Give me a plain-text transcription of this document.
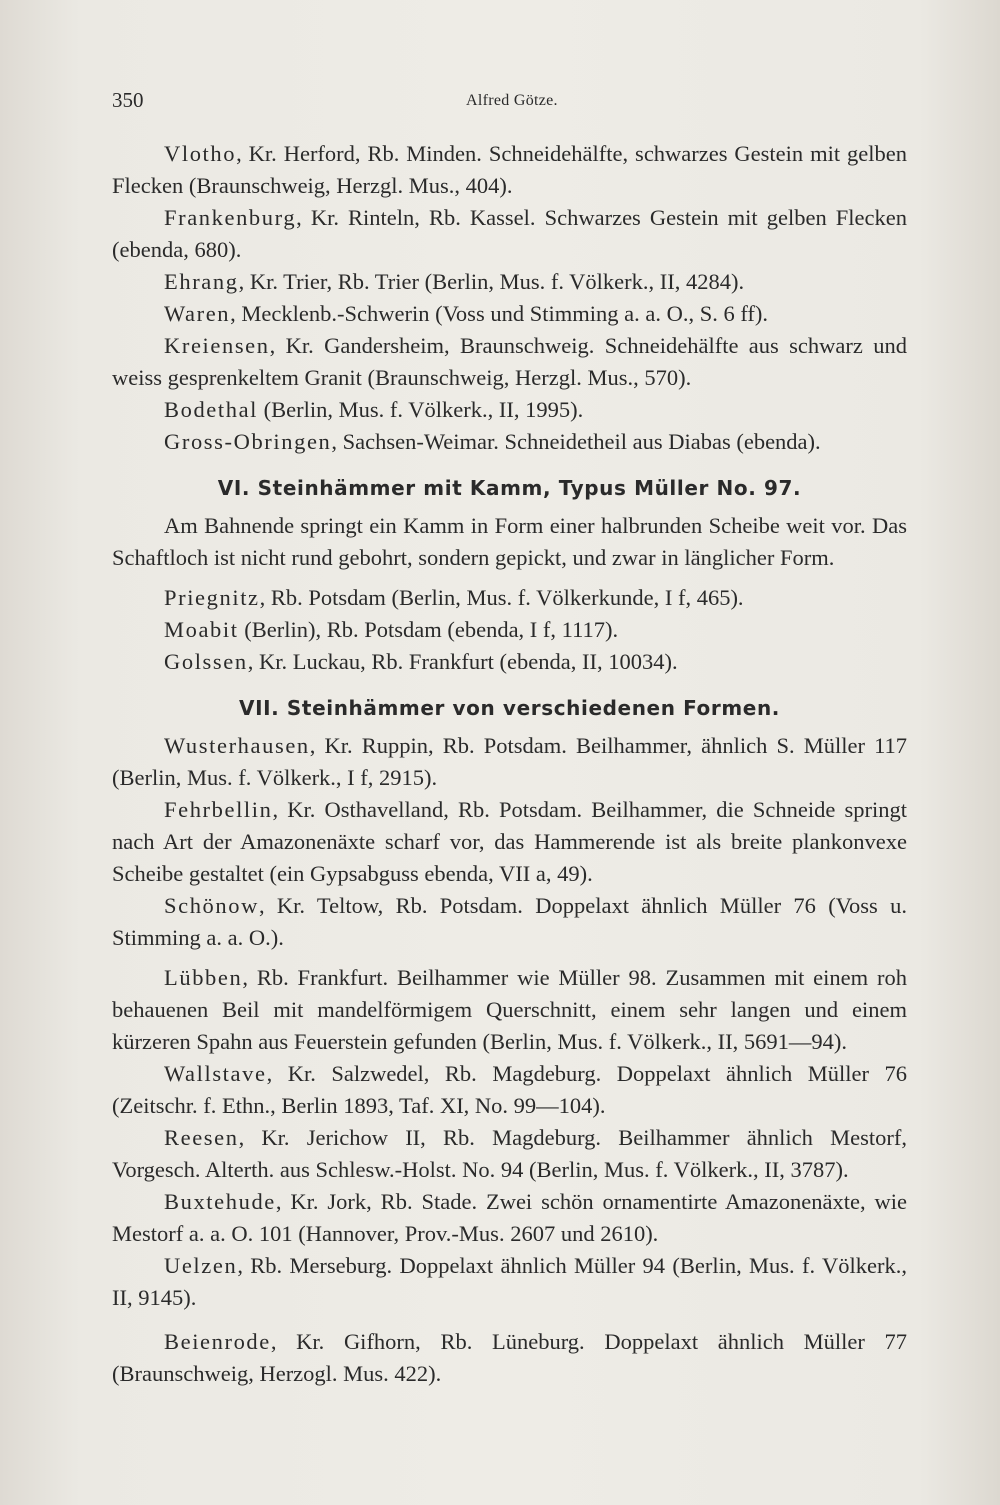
350	Alfred Götze.

Vlotho, Kr. Herford, Rb. Minden. Schneidehälfte, schwarzes Gestein mit gelben Flecken (Braunschweig, Herzgl. Mus., 404).

Frankenburg, Kr. Rinteln, Rb. Kassel. Schwarzes Gestein mit gelben Flecken (ebenda, 680).

Ehrang, Kr. Trier, Rb. Trier (Berlin, Mus. f. Völkerk., II, 4284).

Waren, Mecklenb.-Schwerin (Voss und Stimming a. a. O., S. 6 ff).

Kreiensen, Kr. Gandersheim, Braunschweig. Schneidehälfte aus schwarz und weiss gesprenkeltem Granit (Braunschweig, Herzgl. Mus., 570).

Bodethal (Berlin, Mus. f. Völkerk., II, 1995).

Gross-Obringen, Sachsen-Weimar. Schneidetheil aus Diabas (ebenda).

VI. Steinhämmer mit Kamm, Typus Müller No. 97.

Am Bahnende springt ein Kamm in Form einer halbrunden Scheibe weit vor. Das Schaftloch ist nicht rund gebohrt, sondern gepickt, und zwar in länglicher Form.

Priegnitz, Rb. Potsdam (Berlin, Mus. f. Völkerkunde, I f, 465).

Moabit (Berlin), Rb. Potsdam (ebenda, I f, 1117).

Golssen, Kr. Luckau, Rb. Frankfurt (ebenda, II, 10034).

VII. Steinhämmer von verschiedenen Formen.

Wusterhausen, Kr. Ruppin, Rb. Potsdam. Beilhammer, ähnlich S. Müller 117 (Berlin, Mus. f. Völkerk., I f, 2915).

Fehrbellin, Kr. Osthavelland, Rb. Potsdam. Beilhammer, die Schneide springt nach Art der Amazonenäxte scharf vor, das Hammerende ist als breite plankonvexe Scheibe gestaltet (ein Gypsabguss ebenda, VII a, 49).

Schönow, Kr. Teltow, Rb. Potsdam. Doppelaxt ähnlich Müller 76 (Voss u. Stimming a. a. O.).

Lübben, Rb. Frankfurt. Beilhammer wie Müller 98. Zusammen mit einem roh behauenen Beil mit mandelförmigem Querschnitt, einem sehr langen und einem kürzeren Spahn aus Feuerstein gefunden (Berlin, Mus. f. Völkerk., II, 5691—94).

Wallstave, Kr. Salzwedel, Rb. Magdeburg. Doppelaxt ähnlich Müller 76 (Zeitschr. f. Ethn., Berlin 1893, Taf. XI, No. 99—104).

Reesen, Kr. Jerichow II, Rb. Magdeburg. Beilhammer ähnlich Mestorf, Vorgesch. Alterth. aus Schlesw.-Holst. No. 94 (Berlin, Mus. f. Völkerk., II, 3787).

Buxtehude, Kr. Jork, Rb. Stade. Zwei schön ornamentirte Amazonenäxte, wie Mestorf a. a. O. 101 (Hannover, Prov.-Mus. 2607 und 2610).

Uelzen, Rb. Merseburg. Doppelaxt ähnlich Müller 94 (Berlin, Mus. f. Völkerk., II, 9145).

Beienrode, Kr. Gifhorn, Rb. Lüneburg. Doppelaxt ähnlich Müller 77 (Braunschweig, Herzogl. Mus. 422).
